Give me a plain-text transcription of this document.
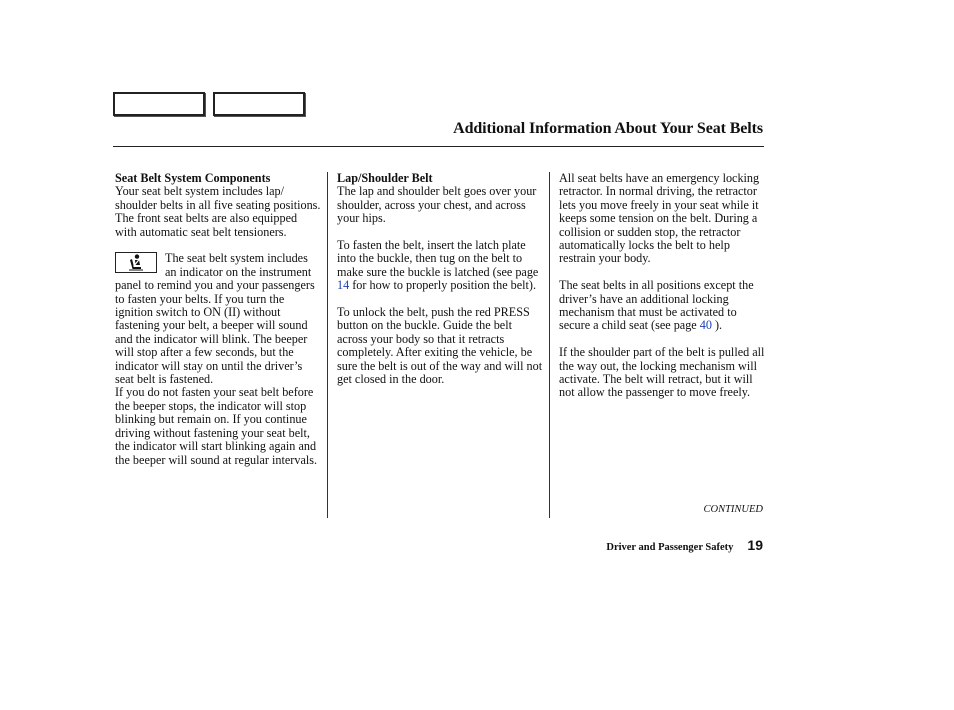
Additional Information About Your Seat Belts

Seat Belt System Components

Your seat belt system includes lap/ shoulder belts in all five seating positions. The front seat belts are also equipped with automatic seat belt tensioners.

The seat belt system includes an indicator on the instrument panel to remind you and your passengers to fasten your belts. If you turn the ignition switch to ON (II) without fastening your belt, a beeper will sound and the indicator will blink. The beeper will stop after a few seconds, but the indicator will stay on until the driver’s seat belt is fastened.

If you do not fasten your seat belt before the beeper stops, the indicator will stop blinking but remain on. If you continue driving without fastening your seat belt, the indicator will start blinking again and the beeper will sound at regular intervals.

Lap/Shoulder Belt

The lap and shoulder belt goes over your shoulder, across your chest, and across your hips.

To fasten the belt, insert the latch plate into the buckle, then tug on the belt to make sure the buckle is latched (see page 14 for how to properly position the belt).

To unlock the belt, push the red PRESS button on the buckle. Guide the belt across your body so that it retracts completely. After exiting the vehicle, be sure the belt is out of the way and will not get closed in the door.

All seat belts have an emergency locking retractor. In normal driving, the retractor lets you move freely in your seat while it keeps some tension on the belt. During a collision or sudden stop, the retractor automatically locks the belt to help restrain your body.

The seat belts in all positions except the driver’s have an additional locking mechanism that must be activated to secure a child seat (see page 40 ).

If the shoulder part of the belt is pulled all the way out, the locking mechanism will activate. The belt will retract, but it will not allow the passenger to move freely.

CONTINUED
Driver and Passenger Safety 19
